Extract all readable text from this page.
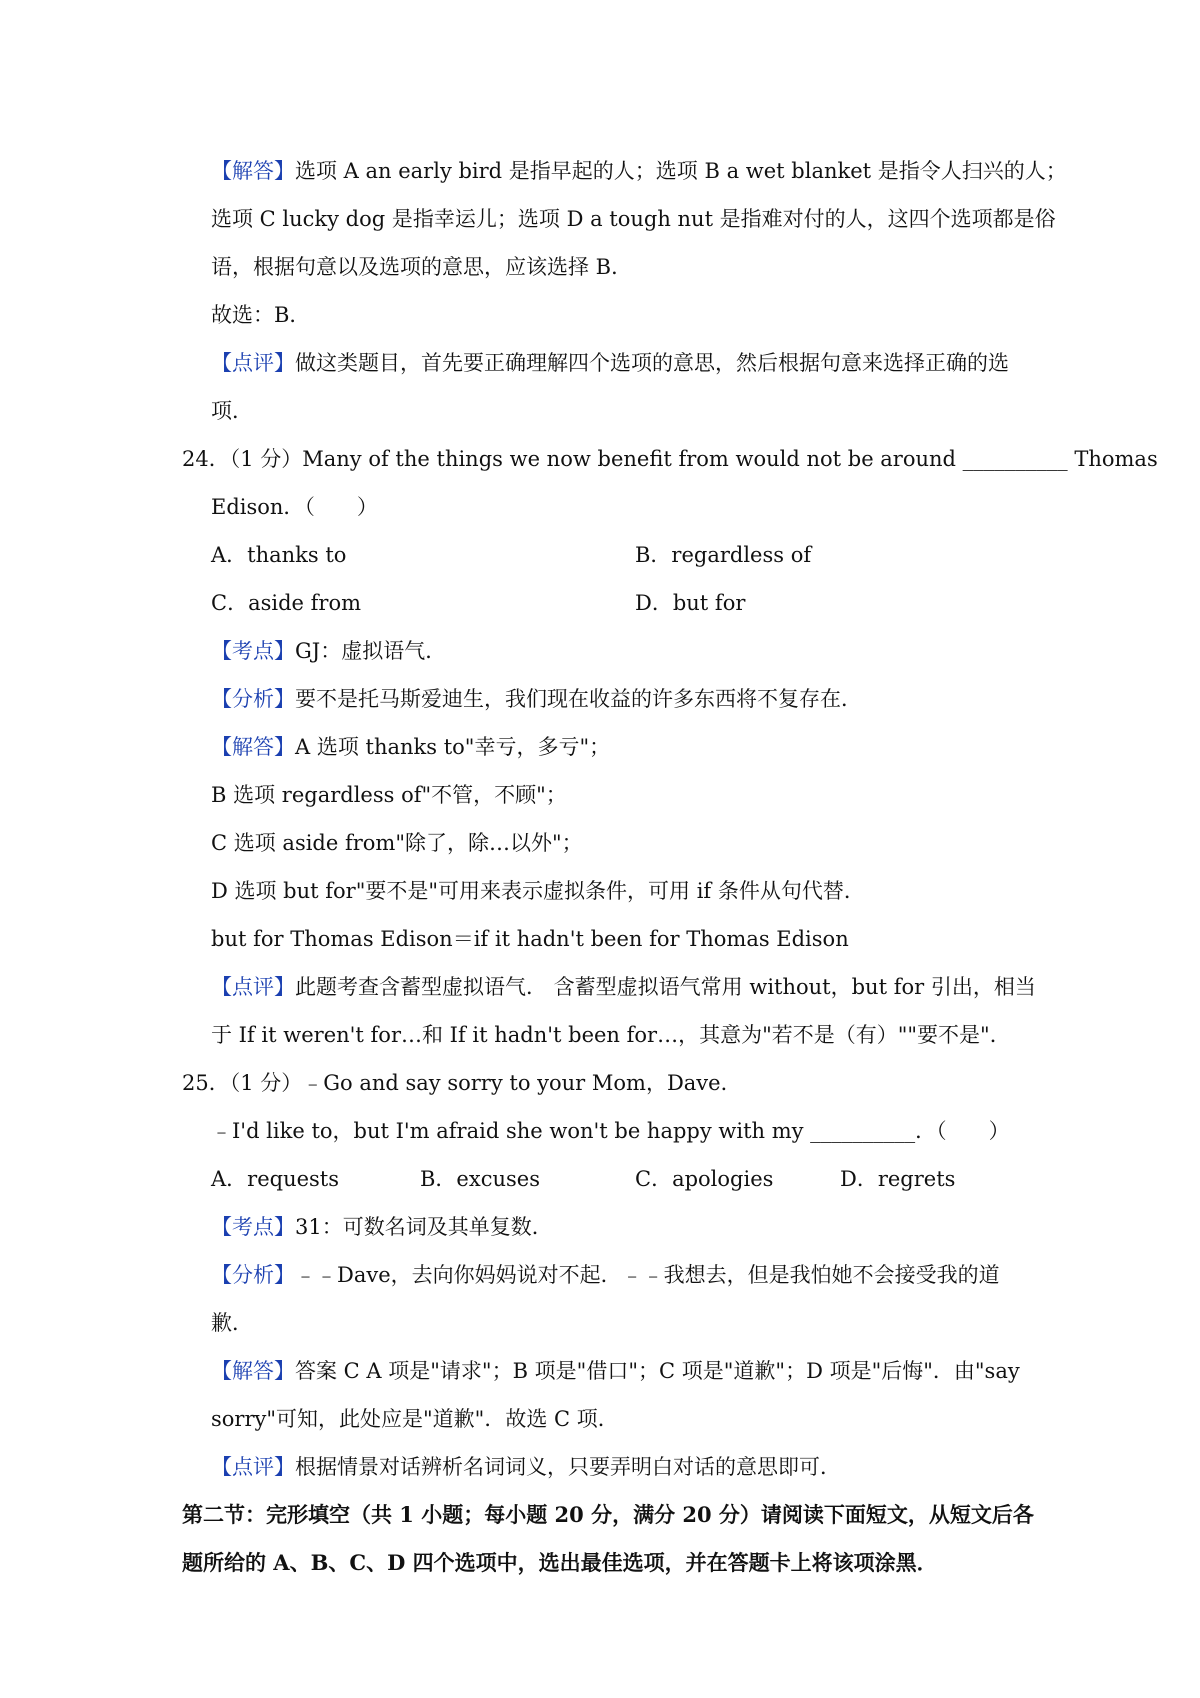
【解答】选项 A an early bird 是指早起的人；选项 B a wet blanket 是指令人扫兴的人；
选项 C lucky dog 是指幸运儿；选项 D a tough nut 是指难对付的人，这四个选项都是俗
语，根据句意以及选项的意思，应该选择 B．
故选：B．
【点评】做这类题目，首先要正确理解四个选项的意思，然后根据句意来选择正确的选
项．
24．（1 分）Many of the things we now benefit from would not be around __________ Thomas
Edison．（　　）
A．thanks to	B．regardless of
C．aside from	D．but for
【考点】GJ：虚拟语气．
【分析】要不是托马斯爱迪生，我们现在收益的许多东西将不复存在．
【解答】A 选项 thanks to"幸亏，多亏"；
B 选项 regardless of"不管，不顾"；
C 选项 aside from"除了，除…以外"；
D 选项 but for"要不是"可用来表示虚拟条件，可用 if 条件从句代替．
but for Thomas Edison＝if it hadn't been for Thomas Edison
【点评】此题考查含蓄型虚拟语气． 含蓄型虚拟语气常用 without，but for 引出，相当
于 If it weren't for…和 If it hadn't been for…，其意为"若不是（有）""要不是"．
25．（1 分）﹣Go and say sorry to your Mom，Dave．
﹣I'd like to，but I'm afraid she won't be happy with my __________．（　　）
A．requests	B．excuses	C．apologies	D．regrets
【考点】31：可数名词及其单复数．
【分析】﹣﹣Dave，去向你妈妈说对不起．﹣﹣我想去，但是我怕她不会接受我的道
歉．
【解答】答案 C A 项是"请求"；B 项是"借口"；C 项是"道歉"；D 项是"后悔"．由"say
sorry"可知，此处应是"道歉"．故选 C 项．
【点评】根据情景对话辨析名词词义，只要弄明白对话的意思即可．
第二节：完形填空（共 1 小题；每小题 20 分，满分 20 分）请阅读下面短文，从短文后各
题所给的 A、B、C、D 四个选项中，选出最佳选项，并在答题卡上将该项涂黑．
